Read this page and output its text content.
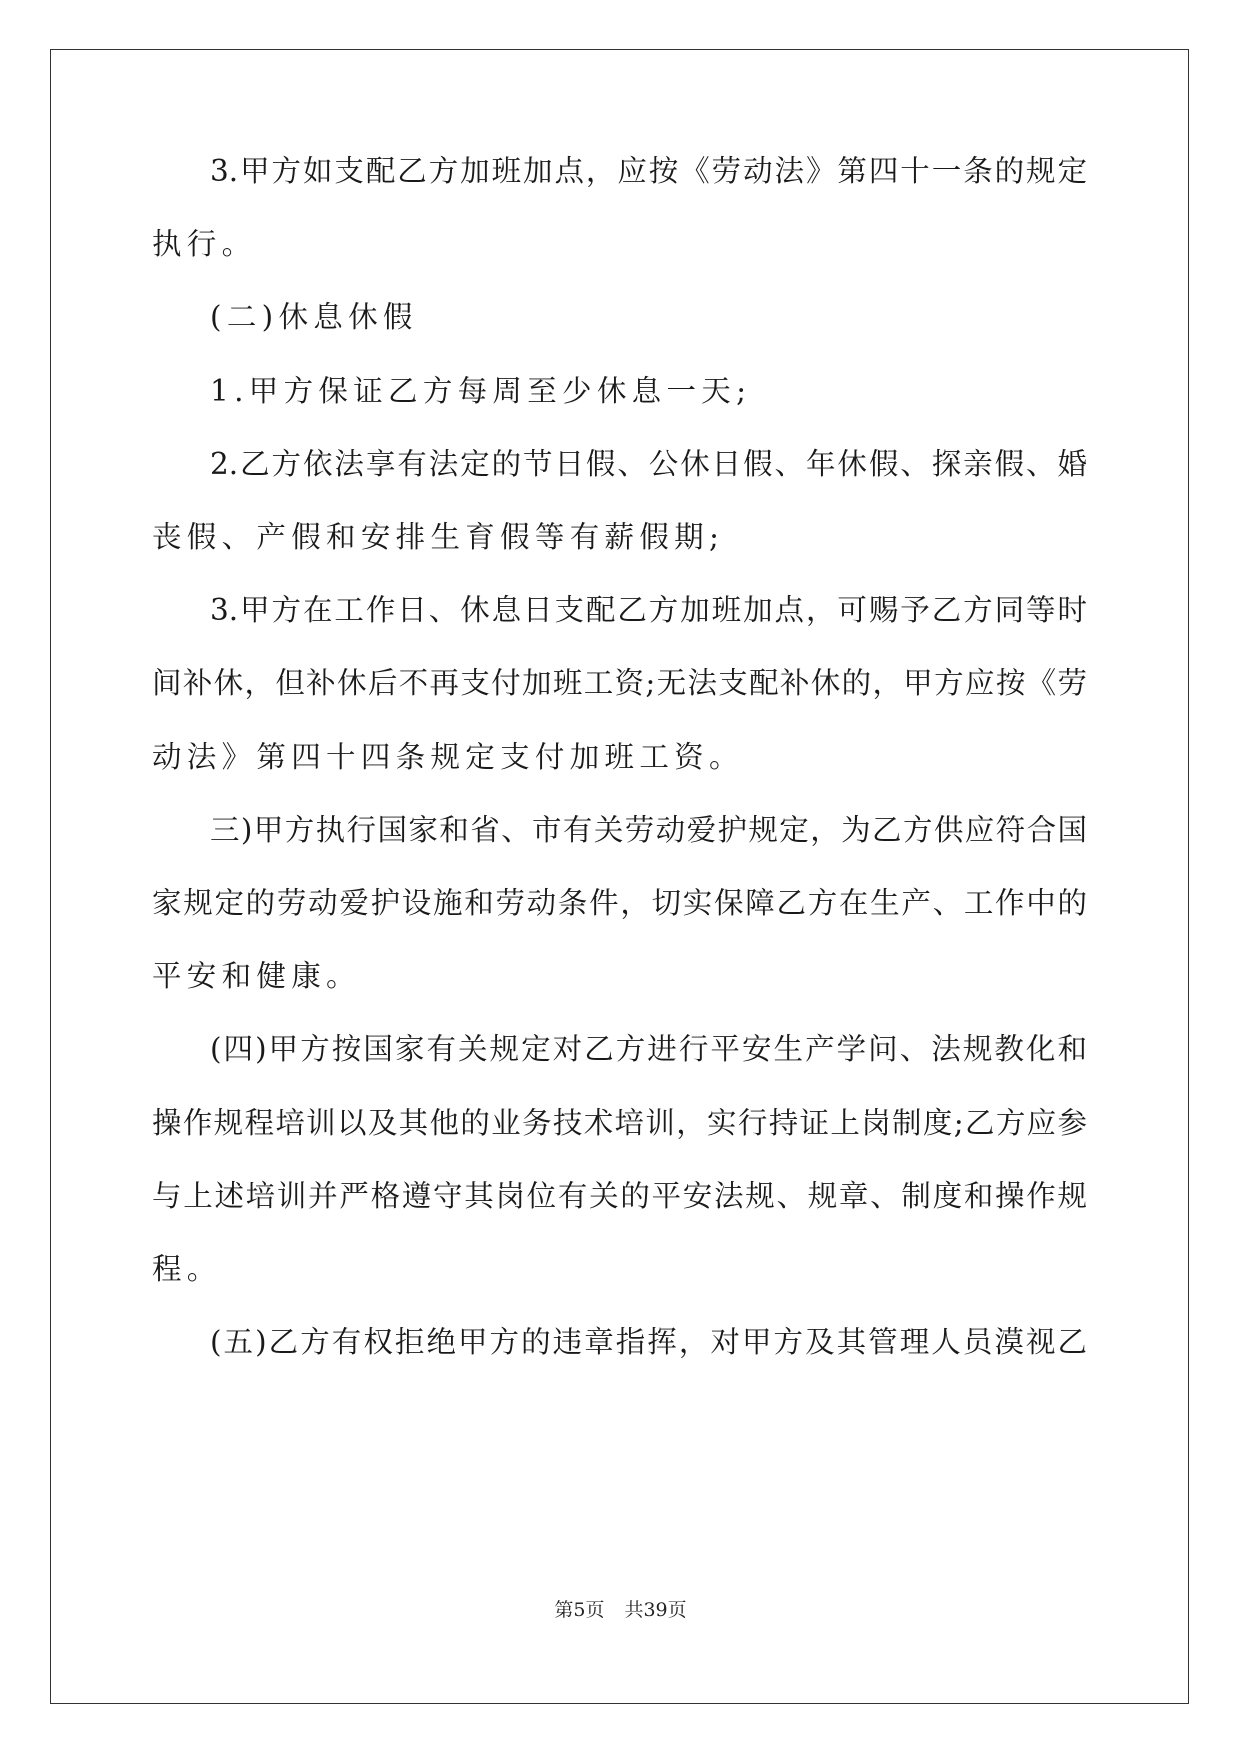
3.甲方如支配乙方加班加点，应按《劳动法》第四十一条的规定
执行。
(二)休息休假
1.甲方保证乙方每周至少休息一天;
2.乙方依法享有法定的节日假、公休日假、年休假、探亲假、婚
丧假、产假和安排生育假等有薪假期;
3.甲方在工作日、休息日支配乙方加班加点，可赐予乙方同等时
间补休，但补休后不再支付加班工资;无法支配补休的，甲方应按《劳
动法》第四十四条规定支付加班工资。
三)甲方执行国家和省、市有关劳动爱护规定，为乙方供应符合国
家规定的劳动爱护设施和劳动条件，切实保障乙方在生产、工作中的
平安和健康。
(四)甲方按国家有关规定对乙方进行平安生产学问、法规教化和
操作规程培训以及其他的业务技术培训，实行持证上岗制度;乙方应参
与上述培训并严格遵守其岗位有关的平安法规、规章、制度和操作规
程。
(五)乙方有权拒绝甲方的违章指挥，对甲方及其管理人员漠视乙
第5页 共39页
